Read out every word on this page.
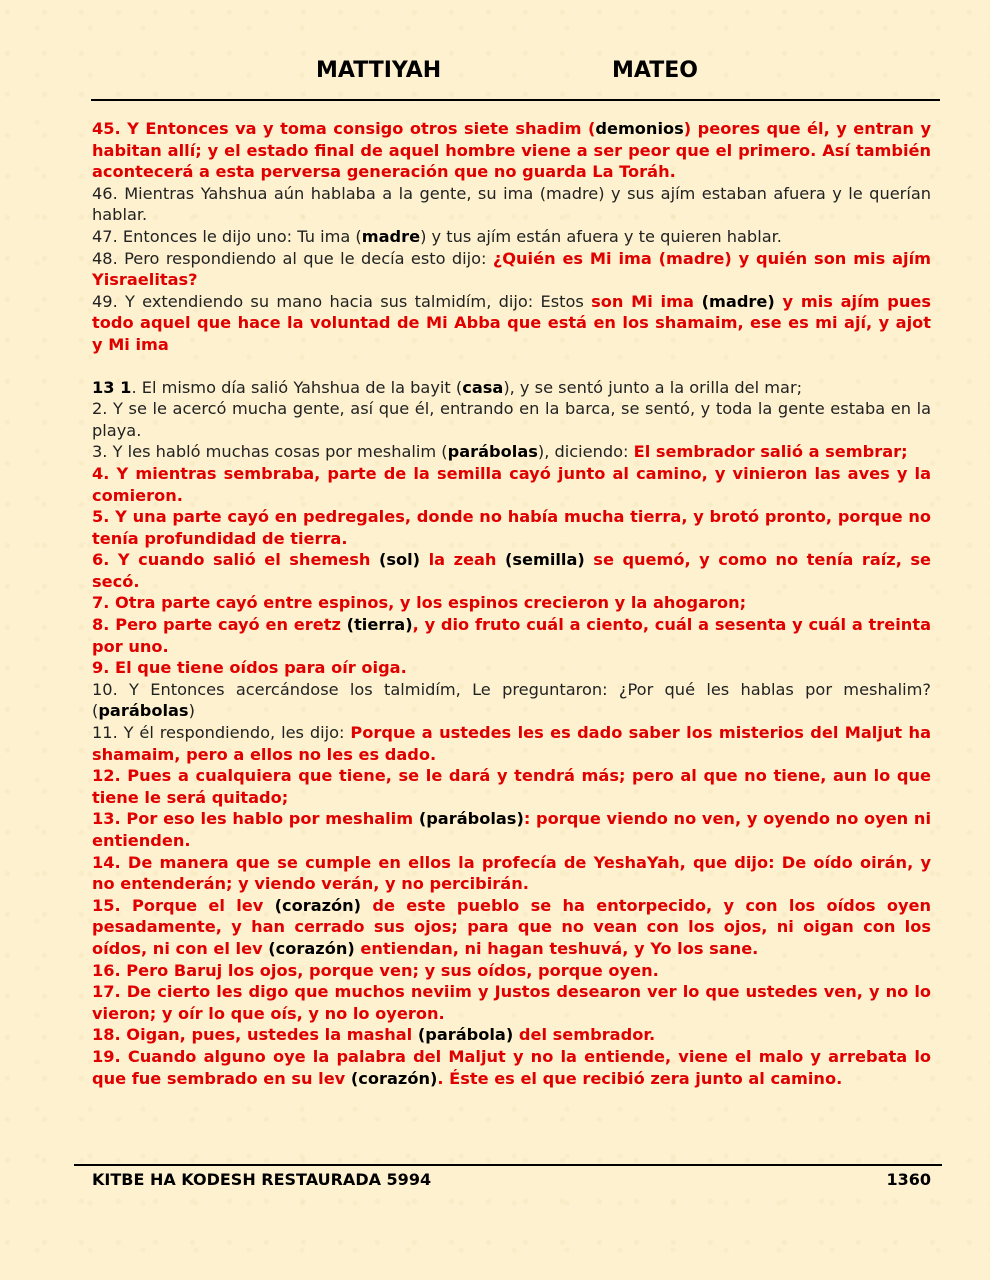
MATTIYAH	MATEO

45. Y Entonces va y toma consigo otros siete shadim (demonios) peores que él, y entran y habitan allí; y el estado final de aquel hombre viene a ser peor que el primero. Así también acontecerá a esta perversa generación que no guarda La Toráh.

46. Mientras Yahshua aún hablaba a la gente, su ima (madre) y sus ajím estaban afuera y le querían hablar.

47. Entonces le dijo uno: Tu ima (madre) y tus ajím están afuera y te quieren hablar.

48. Pero respondiendo al que le decía esto dijo: ¿Quién es Mi ima (madre) y quién son mis ajím Yisraelitas?

49. Y extendiendo su mano hacia sus talmidím, dijo: Estos son Mi ima (madre) y mis ajím pues todo aquel que hace la voluntad de Mi Abba que está en los shamaim, ese es mi ají, y ajot y Mi ima

13 1. El mismo día salió Yahshua de la bayit (casa), y se sentó junto a la orilla del mar;

2. Y se le acercó mucha gente, así que él, entrando en la barca, se sentó, y toda la gente estaba en la playa.

3. Y les habló muchas cosas por meshalim (parábolas), diciendo: El sembrador salió a sembrar;

4. Y mientras sembraba, parte de la semilla cayó junto al camino, y vinieron las aves y la comieron.

5. Y una parte cayó en pedregales, donde no había mucha tierra, y brotó pronto, porque no tenía profundidad de tierra.

6. Y cuando salió el shemesh (sol) la zeah (semilla) se quemó, y como no tenía raíz, se secó.

7. Otra parte cayó entre espinos, y los espinos crecieron y la ahogaron;

8. Pero parte cayó en eretz (tierra), y dio fruto cuál a ciento, cuál a sesenta y cuál a treinta por uno.

9. El que tiene oídos para oír oiga.

10. Y Entonces acercándose los talmidím, Le preguntaron: ¿Por qué les hablas por meshalim? (parábolas)

11. Y él respondiendo, les dijo: Porque a ustedes les es dado saber los misterios del Maljut ha shamaim, pero a ellos no les es dado.

12. Pues a cualquiera que tiene, se le dará y tendrá más; pero al que no tiene, aun lo que tiene le será quitado;

13. Por eso les hablo por meshalim (parábolas): porque viendo no ven, y oyendo no oyen ni entienden.

14. De manera que se cumple en ellos la profecía de YeshaYah, que dijo: De oído oirán, y no entenderán; y viendo verán, y no percibirán.

15. Porque el lev (corazón) de este pueblo se ha entorpecido, y con los oídos oyen pesadamente, y han cerrado sus ojos; para que no vean con los ojos, ni oigan con los oídos, ni con el lev (corazón) entiendan, ni hagan teshuvá, y Yo los sane.

16. Pero Baruj los ojos, porque ven; y sus oídos, porque oyen.

17. De cierto les digo que muchos neviim y Justos desearon ver lo que ustedes ven, y no lo vieron; y oír lo que oís, y no lo oyeron.

18. Oigan, pues, ustedes la mashal (parábola) del sembrador.

19. Cuando alguno oye la palabra del Maljut y no la entiende, viene el malo y arrebata lo que fue sembrado en su lev (corazón). Éste es el que recibió zera junto al camino.

KITBE HA KODESH RESTAURADA 5994	1360
